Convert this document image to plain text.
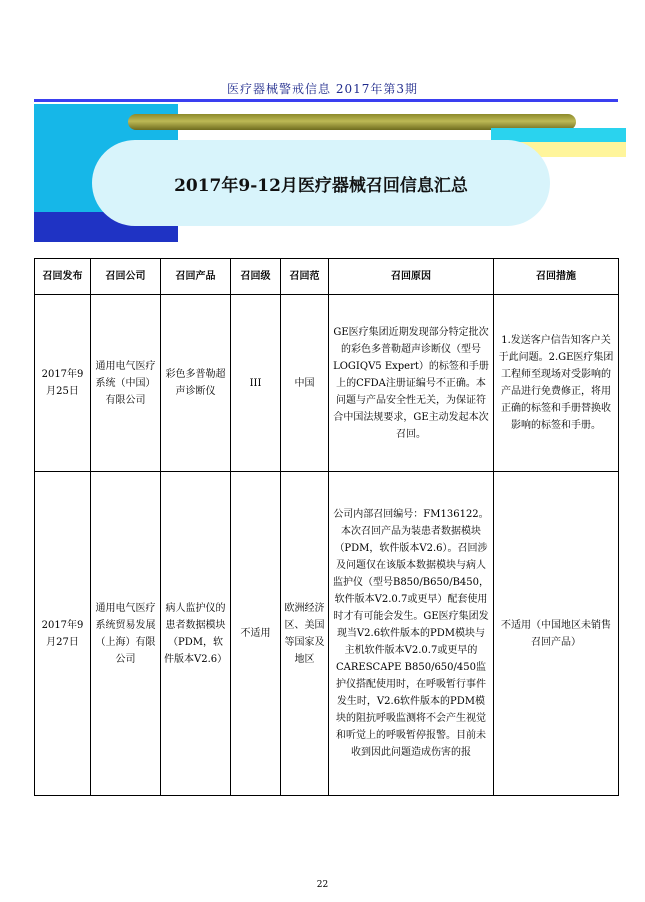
医疗器械警戒信息 2017年第3期
2017年9-12月医疗器械召回信息汇总
召回发布	召回公司	召回产品	召回级	召回范	召回原因	召回措施
2017年9月25日	通用电气医疗系统（中国）有限公司	彩色多普勒超声诊断仪	III	中国	GE医疗集团近期发现部分特定批次的彩色多普勒超声诊断仪（型号LOGIQV5 Expert）的标签和手册上的CFDA注册证编号不正确。本问题与产品安全性无关，为保证符合中国法规要求，GE主动发起本次召回。	1.发送客户信告知客户关于此问题。2.GE医疗集团工程师至现场对受影响的产品进行免费修正，将用正确的标签和手册替换收影响的标签和手册。
2017年9月27日	通用电气医疗系统贸易发展（上海）有限公司	病人监护仪的患者数据模块（PDM，软件版本V2.6）	不适用	欧洲经济区、美国等国家及地区	公司内部召回编号：FM136122。本次召回产品为装患者数据模块（PDM，软件版本V2.6）。召回涉及问题仅在该版本数据模块与病人监护仪（型号B850/B650/B450，软件版本V2.0.7或更早）配套使用时才有可能会发生。GE医疗集团发现当V2.6软件版本的PDM模块与主机软件版本V2.0.7或更早的CARESCAPE B850/650/450监护仪搭配使用时，在呼吸暂行事件发生时，V2.6软件版本的PDM模块的阻抗呼吸监测将不会产生视觉和听觉上的呼吸暂停报警。目前未收到因此问题造成伤害的报	不适用（中国地区未销售召回产品）
22
